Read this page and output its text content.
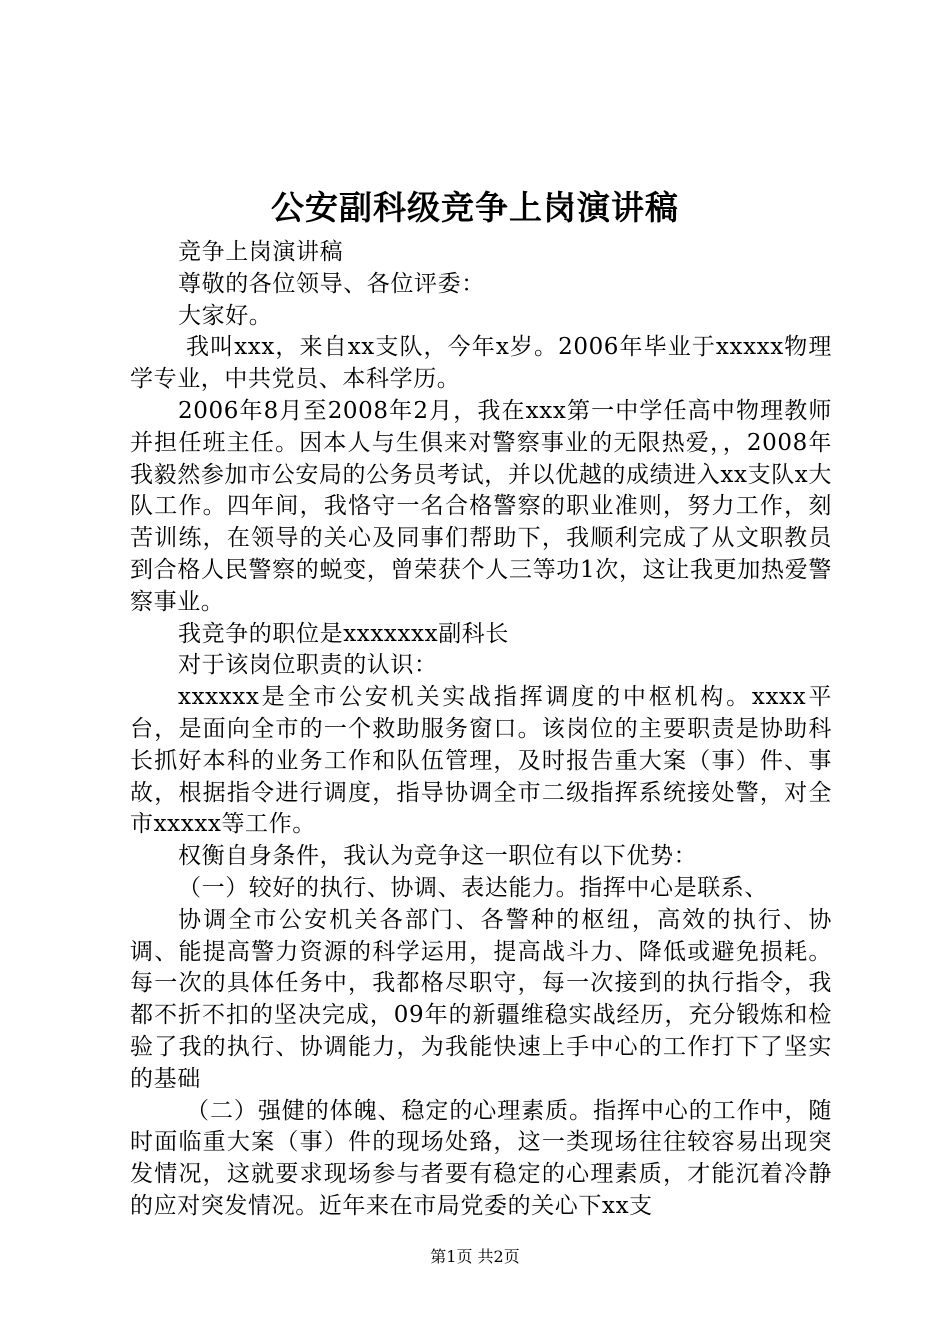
公安副科级竞争上岗演讲稿

竞争上岗演讲稿

尊敬的各位领导、各位评委：

大家好。

我叫xxx，来自xx支队，今年x岁。2006年毕业于xxxxx物理学专业，中共党员、本科学历。

2006年8月至2008年2月，我在xxx第一中学任高中物理教师并担任班主任。因本人与生俱来对警察事业的无限热爱，，2008年我毅然参加市公安局的公务员考试，并以优越的成绩进入xx支队x大队工作。四年间，我恪守一名合格警察的职业准则，努力工作，刻苦训练，在领导的关心及同事们帮助下，我顺利完成了从文职教员到合格人民警察的蜕变，曾荣获个人三等功1次，这让我更加热爱警察事业。

我竞争的职位是xxxxxxx副科长

对于该岗位职责的认识：

xxxxxx是全市公安机关实战指挥调度的中枢机构。xxxx平台，是面向全市的一个救助服务窗口。该岗位的主要职责是协助科长抓好本科的业务工作和队伍管理，及时报告重大案（事）件、事故，根据指令进行调度，指导协调全市二级指挥系统接处警，对全市xxxxx等工作。

权衡自身条件，我认为竞争这一职位有以下优势：

（一）较好的执行、协调、表达能力。指挥中心是联系、

协调全市公安机关各部门、各警种的枢纽，高效的执行、协调、能提高警力资源的科学运用，提高战斗力、降低或避免损耗。每一次的具体任务中，我都格尽职守，每一次接到的执行指令，我都不折不扣的坚决完成，09年的新疆维稳实战经历，充分锻炼和检验了我的执行、协调能力，为我能快速上手中心的工作打下了坚实的基础

（二）强健的体魄、稳定的心理素质。指挥中心的工作中，随时面临重大案（事）件的现场处臵，这一类现场往往较容易出现突发情况，这就要求现场参与者要有稳定的心理素质，才能沉着冷静的应对突发情况。近年来在市局党委的关心下xx支

第1页 共2页
